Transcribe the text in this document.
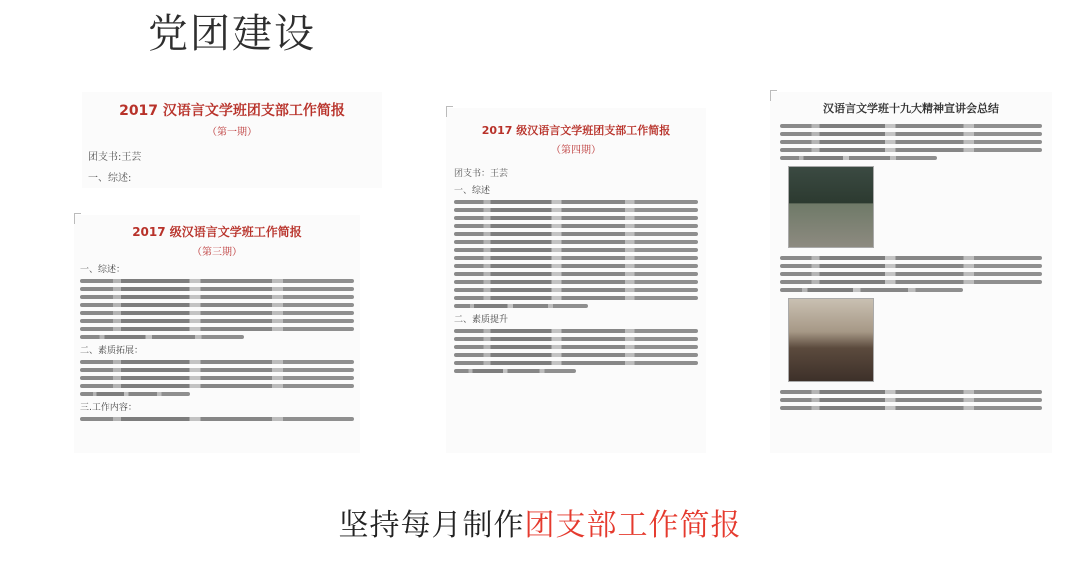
党团建设
2017 汉语言文学班团支部工作简报
（第一期）
团支书:王芸
一、综述:
2017 级汉语言文学班工作简报
（第三期）
一、综述：
二、素质拓展：
三.工作内容：
2017 级汉语言文学班团支部工作简报
（第四期）
团支书：王芸
一、综述
二、素质提升
汉语言文学班十九大精神宣讲会总结
坚持每月制作团支部工作简报
